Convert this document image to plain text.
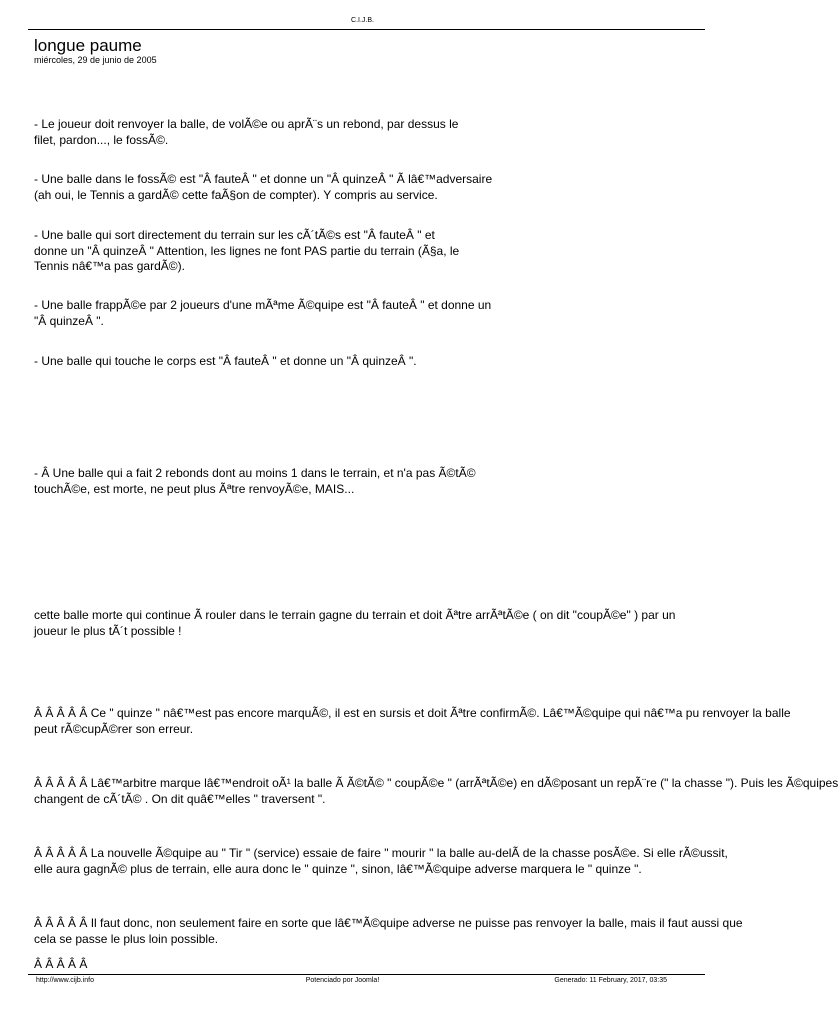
C.I.J.B.
longue paume
miércoles, 29 de junio de 2005
- Le joueur doit renvoyer la balle, de volÃ©e ou aprÃ¨s un rebond, par dessus le
filet, pardon..., le fossÃ©.
- Une balle dans le fossÃ© est "Â fauteÂ " et donne un "Â quinzeÂ " Ã lâ€™adversaire
(ah oui, le Tennis a gardÃ© cette faÃ§on de compter). Y compris au service.
- Une balle qui sort directement du terrain sur les cÃ´tÃ©s est "Â fauteÂ " et
donne un "Â quinzeÂ " Attention, les lignes ne font PAS partie du terrain (Ã§a, le
Tennis nâ€™a pas gardÃ©).
- Une balle frappÃ©e par 2 joueurs d'une mÃªme Ã©quipe est "Â fauteÂ " et donne un
"Â quinzeÂ ".
- Une balle qui touche le corps est "Â fauteÂ " et donne un "Â quinzeÂ ".
- Â Une balle qui a fait 2 rebonds dont au moins 1 dans le terrain, et n'a pas Ã©tÃ©
touchÃ©e, est morte, ne peut plus Ãªtre renvoyÃ©e, MAIS...
cette balle morte qui continue Ã rouler dans le terrain gagne du terrain et doit Ãªtre arrÃªtÃ©e ( on dit "coupÃ©e" ) par un
joueur le plus tÃ´t possible !
Â Â Â Â Â Ce " quinze " nâ€™est pas encore marquÃ©, il est en sursis et doit Ãªtre confirmÃ©. Lâ€™Ã©quipe qui nâ€™a pu renvoyer la balle
peut rÃ©cupÃ©rer son erreur.
Â Â Â Â Â Lâ€™arbitre marque lâ€™endroit oÃ¹ la balle Ã Ã©tÃ© " coupÃ©e " (arrÃªtÃ©e) en dÃ©posant un repÃ¨re (" la chasse "). Puis les Ã©quipes
changent de cÃ´tÃ© . On dit quâ€™elles " traversent ".
Â Â Â Â Â La nouvelle Ã©quipe au " Tir " (service) essaie de faire " mourir " la balle au-delÃ de la chasse posÃ©e. Si elle rÃ©ussit,
elle aura gagnÃ© plus de terrain, elle aura donc le " quinze ", sinon, lâ€™Ã©quipe adverse marquera le " quinze ".
Â Â Â Â Â Il faut donc, non seulement faire en sorte que lâ€™Ã©quipe adverse ne puisse pas renvoyer la balle, mais il faut aussi que
cela se passe le plus loin possible.
Â Â Â Â Â
http://www.cijb.info	Potenciado por Joomla!	Generado: 11 February, 2017, 03:35
